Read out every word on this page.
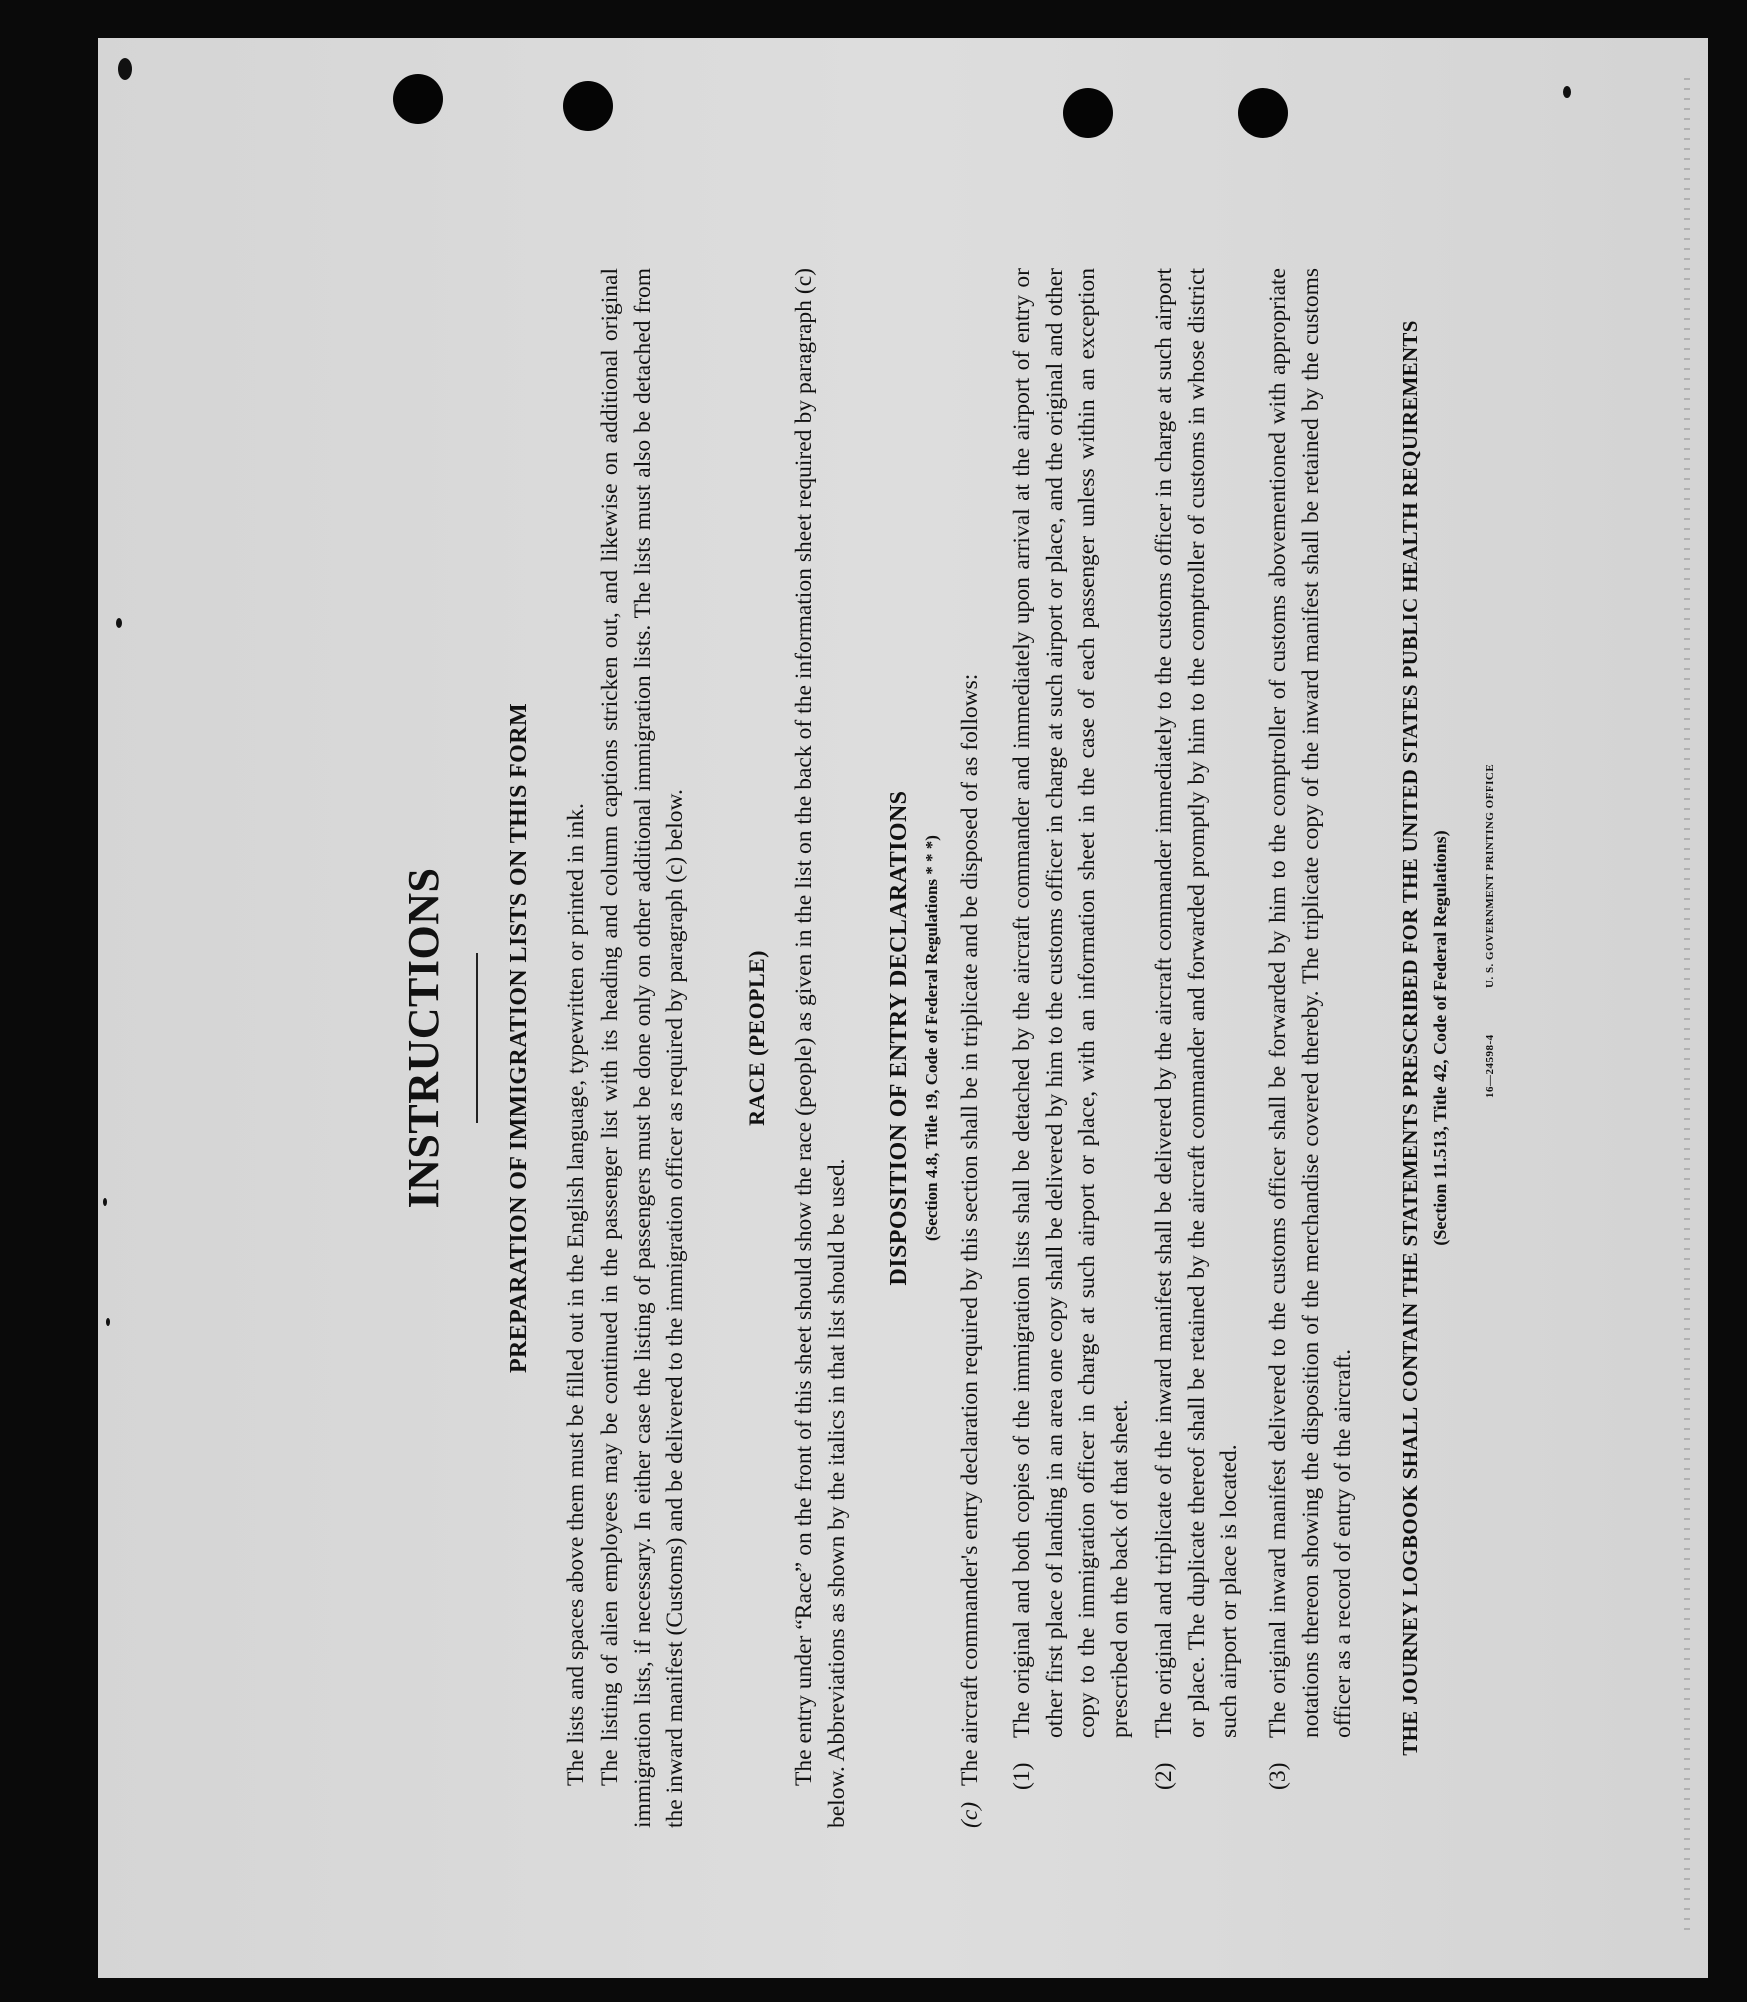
INSTRUCTIONS PREPARATION OF IMMIGRATION LISTS ON THIS FORM The lists and spaces above them must be filled out in the English language, typewritten or printed in ink. The listing of alien employees may be continued in the passenger list with its heading and column captions stricken out, and likewise on additional original immigration lists, if necessary. In either case the listing of passengers must be done only on other additional immigration lists. The lists must also be detached from the inward manifest (Customs) and be delivered to the immigration officer as required by paragraph (c) below.	RACE (PEOPLE) The entry under “Race” on the front of this sheet should show the race (people) as given in the list on the back of the information sheet required by paragraph (c) below. Abbreviations as shown by the italics in that list should be used.
DISPOSITION OF ENTRY DECLARATIONS (Section 4.8, Title 19, Code of Federal Regulations * * *)
(c)
The aircraft commander's entry declaration required by this section shall be in triplicate and be disposed of as follows: (1)
The original and both copies of the immigration lists shall be detached by the aircraft commander and immediately upon arrival at the airport of entry or other first place of landing in an area one copy shall be delivered by him to the customs officer in charge at such airport or place, and the original and other copy to the immigration officer in charge at such airport or place, with an information sheet in the case of each passenger unless within an exception prescribed on the back of that sheet.
(2)
The original and triplicate of the inward manifest shall be delivered by the aircraft commander immediately to the customs officer in charge at such airport or place. The duplicate thereof shall be retained by the aircraft commander and forwarded promptly by him to the comptroller of customs in whose district such airport or place is located.
(3)
The original inward manifest delivered to the customs officer shall be forwarded by him to the comptroller of customs abovementioned with appropriate notations thereon showing the disposition of the merchandise covered thereby. The triplicate copy of the inward manifest shall be retained by the customs officer as a record of entry of the aircraft. THE JOURNEY LOGBOOK SHALL CONTAIN THE STATEMENTS PRESCRIBED FOR THE UNITED STATES PUBLIC HEALTH REQUIREMENTS (Section 11.513, Title 42, Code of Federal Regulations)	16—24598-4
U. S. GOVERNMENT PRINTING OFFICE
